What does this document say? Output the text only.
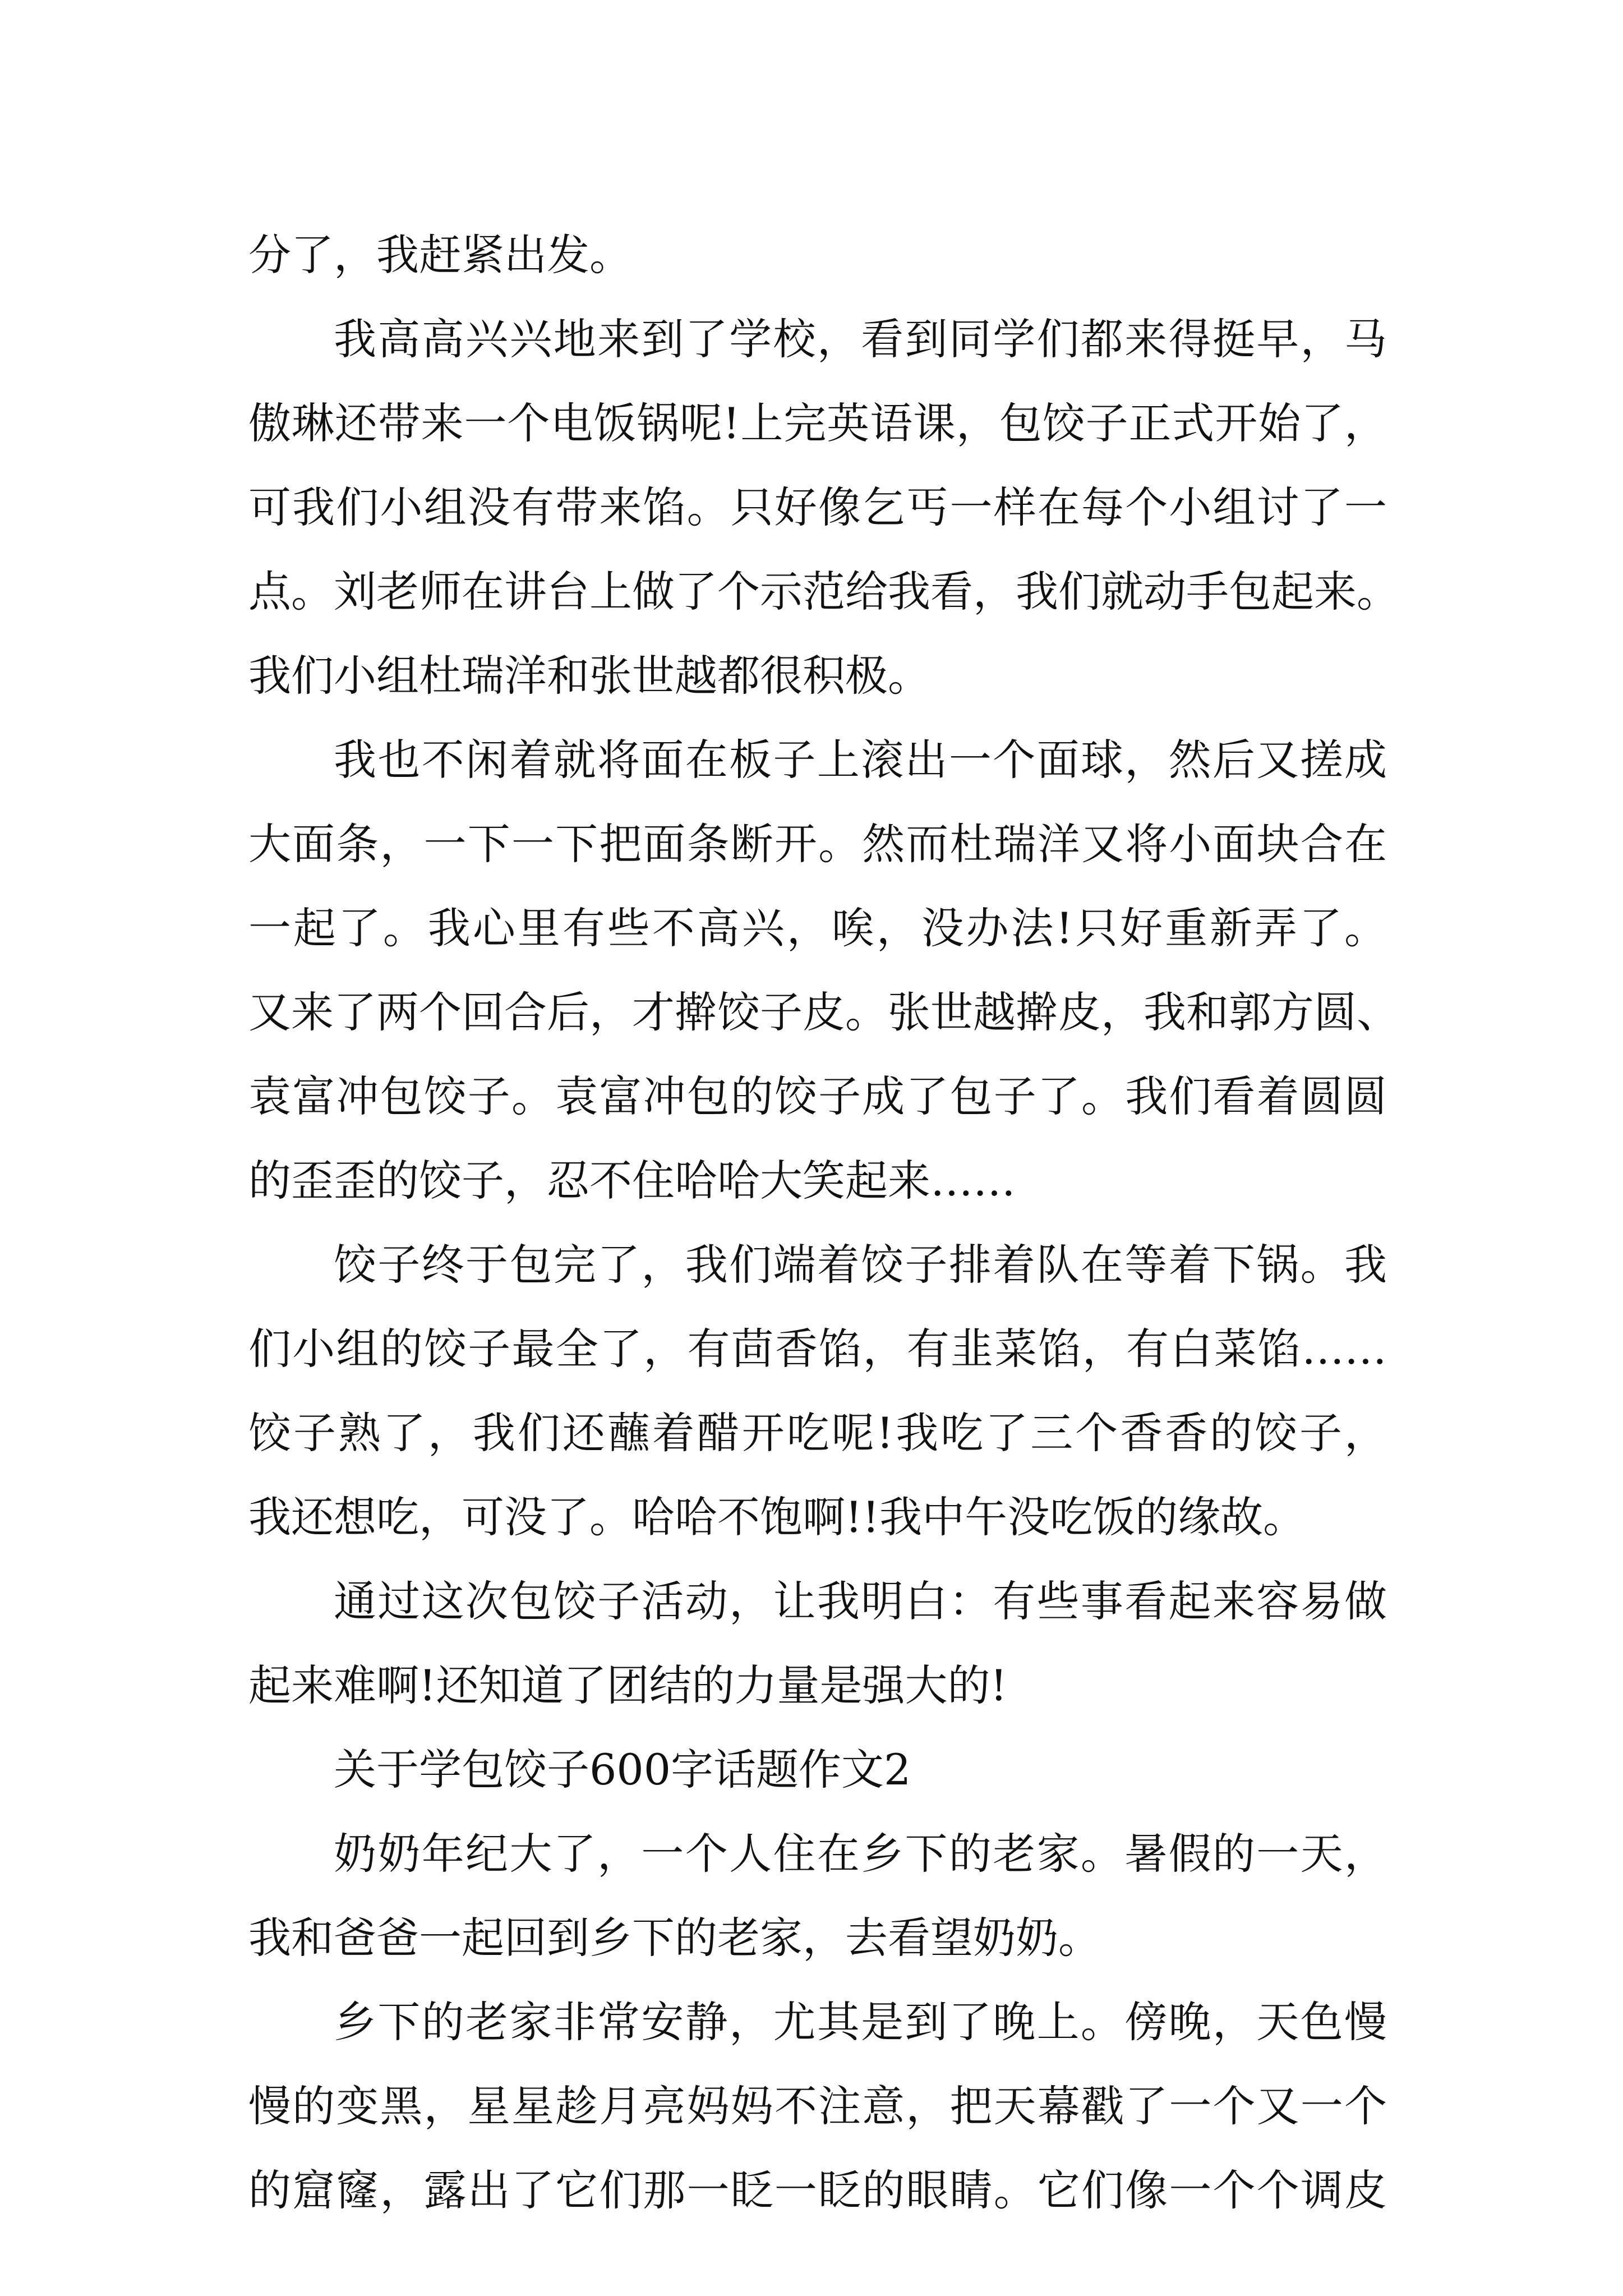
分了，我赶紧出发。
我高高兴兴地来到了学校，看到同学们都来得挺早，马
傲琳还带来一个电饭锅呢!上完英语课，包饺子正式开始了，
可我们小组没有带来馅。只好像乞丐一样在每个小组讨了一
点。刘老师在讲台上做了个示范给我看，我们就动手包起来。
我们小组杜瑞洋和张世越都很积极。
我也不闲着就将面在板子上滚出一个面球，然后又搓成
大面条，一下一下把面条断开。然而杜瑞洋又将小面块合在
一起了。我心里有些不高兴，唉，没办法!只好重新弄了。
又来了两个回合后，才擀饺子皮。张世越擀皮，我和郭方圆、
袁富冲包饺子。袁富冲包的饺子成了包子了。我们看着圆圆
的歪歪的饺子，忍不住哈哈大笑起来……
饺子终于包完了，我们端着饺子排着队在等着下锅。我
们小组的饺子最全了，有茴香馅，有韭菜馅，有白菜馅……
饺子熟了，我们还蘸着醋开吃呢!我吃了三个香香的饺子，
我还想吃，可没了。哈哈不饱啊!!我中午没吃饭的缘故。
通过这次包饺子活动，让我明白：有些事看起来容易做
起来难啊!还知道了团结的力量是强大的!
关于学包饺子600字话题作文2
奶奶年纪大了，一个人住在乡下的老家。暑假的一天，
我和爸爸一起回到乡下的老家，去看望奶奶。
乡下的老家非常安静，尤其是到了晚上。傍晚，天色慢
慢的变黑，星星趁月亮妈妈不注意，把天幕戳了一个又一个
的窟窿，露出了它们那一眨一眨的眼睛。它们像一个个调皮
